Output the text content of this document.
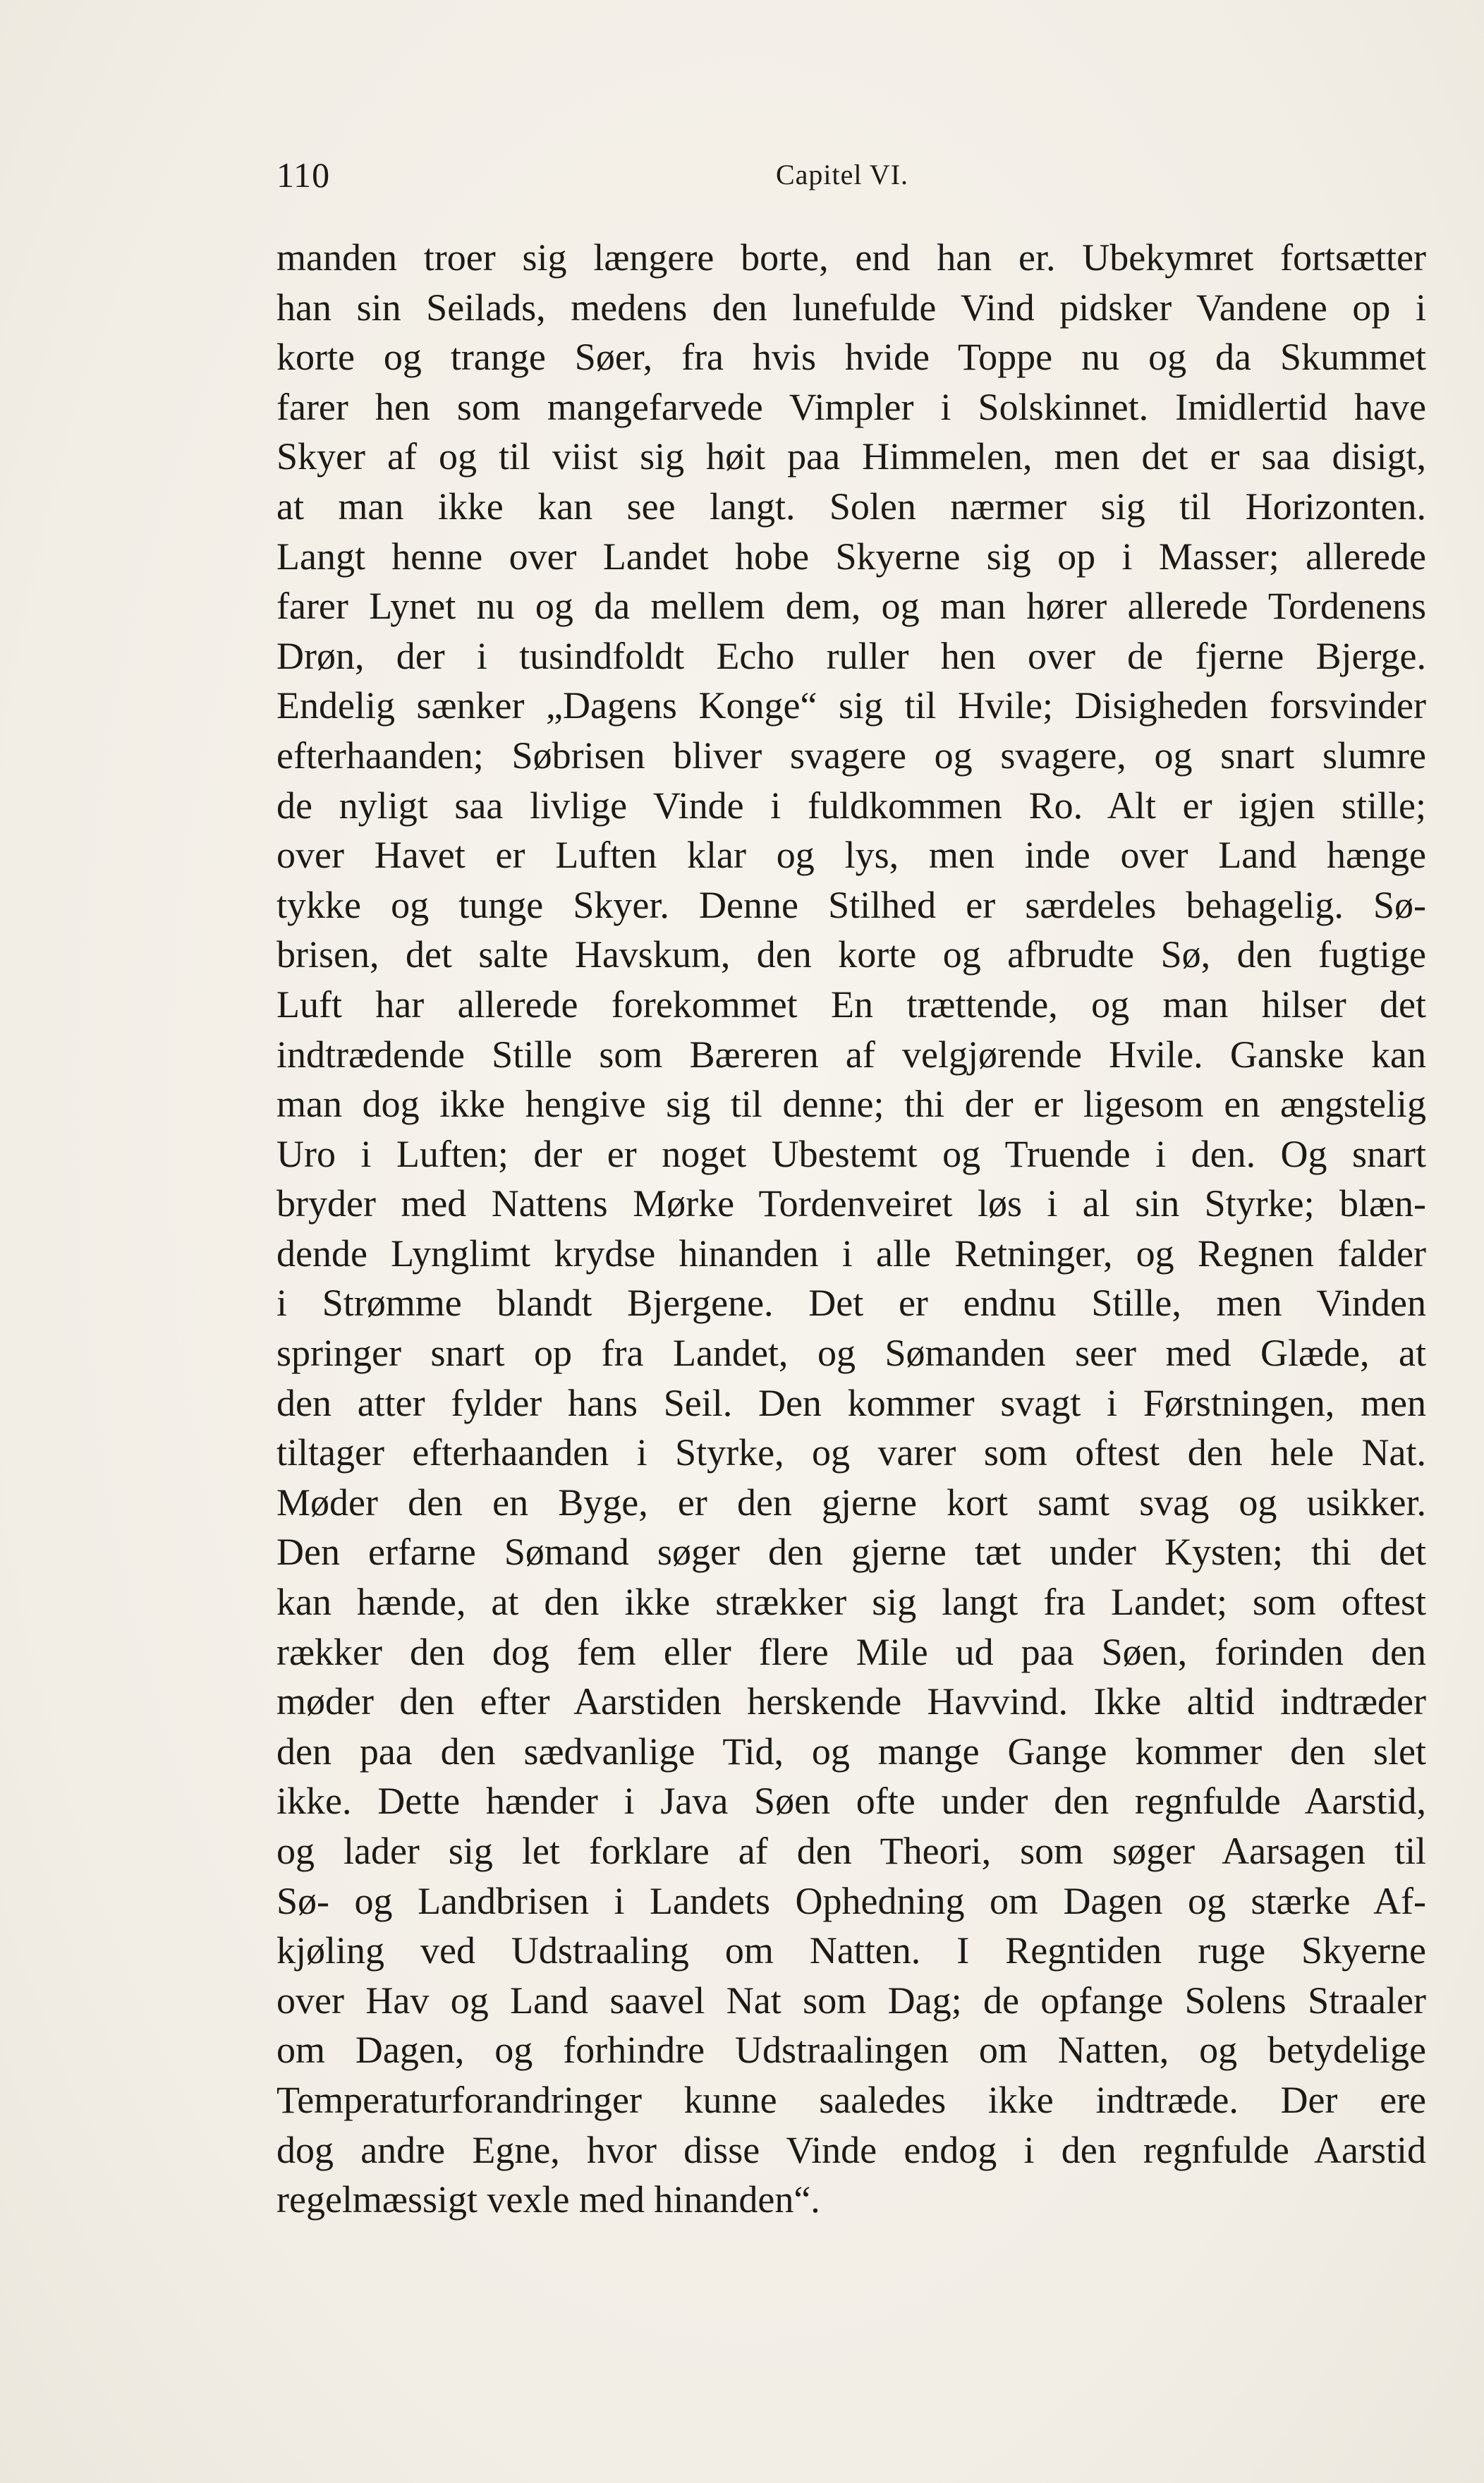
110	Capitel VI.
manden troer sig længere borte, end han er. Ubekymret fortsætter
han sin Seilads, medens den lunefulde Vind pidsker Vandene op i
korte og trange Søer, fra hvis hvide Toppe nu og da Skummet
farer hen som mangefarvede Vimpler i Solskinnet. Imidlertid have
Skyer af og til viist sig høit paa Himmelen, men det er saa disigt,
at man ikke kan see langt. Solen nærmer sig til Horizonten.
Langt henne over Landet hobe Skyerne sig op i Masser; allerede
farer Lynet nu og da mellem dem, og man hører allerede Tordenens
Drøn, der i tusindfoldt Echo ruller hen over de fjerne Bjerge.
Endelig sænker „Dagens Konge“ sig til Hvile; Disigheden forsvinder
efterhaanden; Søbrisen bliver svagere og svagere, og snart slumre
de nyligt saa livlige Vinde i fuldkommen Ro. Alt er igjen stille;
over Havet er Luften klar og lys, men inde over Land hænge
tykke og tunge Skyer. Denne Stilhed er særdeles behagelig. Sø-
brisen, det salte Havskum, den korte og afbrudte Sø, den fugtige
Luft har allerede forekommet En trættende, og man hilser det
indtrædende Stille som Bæreren af velgjørende Hvile. Ganske kan
man dog ikke hengive sig til denne; thi der er ligesom en ængstelig
Uro i Luften; der er noget Ubestemt og Truende i den. Og snart
bryder med Nattens Mørke Tordenveiret løs i al sin Styrke; blæn-
dende Lynglimt krydse hinanden i alle Retninger, og Regnen falder
i Strømme blandt Bjergene. Det er endnu Stille, men Vinden
springer snart op fra Landet, og Sømanden seer med Glæde, at
den atter fylder hans Seil. Den kommer svagt i Førstningen, men
tiltager efterhaanden i Styrke, og varer som oftest den hele Nat.
Møder den en Byge, er den gjerne kort samt svag og usikker.
Den erfarne Sømand søger den gjerne tæt under Kysten; thi det
kan hænde, at den ikke strækker sig langt fra Landet; som oftest
rækker den dog fem eller flere Mile ud paa Søen, forinden den
møder den efter Aarstiden herskende Havvind. Ikke altid indtræder
den paa den sædvanlige Tid, og mange Gange kommer den slet
ikke. Dette hænder i Java Søen ofte under den regnfulde Aarstid,
og lader sig let forklare af den Theori, som søger Aarsagen til
Sø- og Landbrisen i Landets Ophedning om Dagen og stærke Af-
kjøling ved Udstraaling om Natten. I Regntiden ruge Skyerne
over Hav og Land saavel Nat som Dag; de opfange Solens Straaler
om Dagen, og forhindre Udstraalingen om Natten, og betydelige
Temperaturforandringer kunne saaledes ikke indtræde. Der ere
dog andre Egne, hvor disse Vinde endog i den regnfulde Aarstid
regelmæssigt vexle med hinanden“.
